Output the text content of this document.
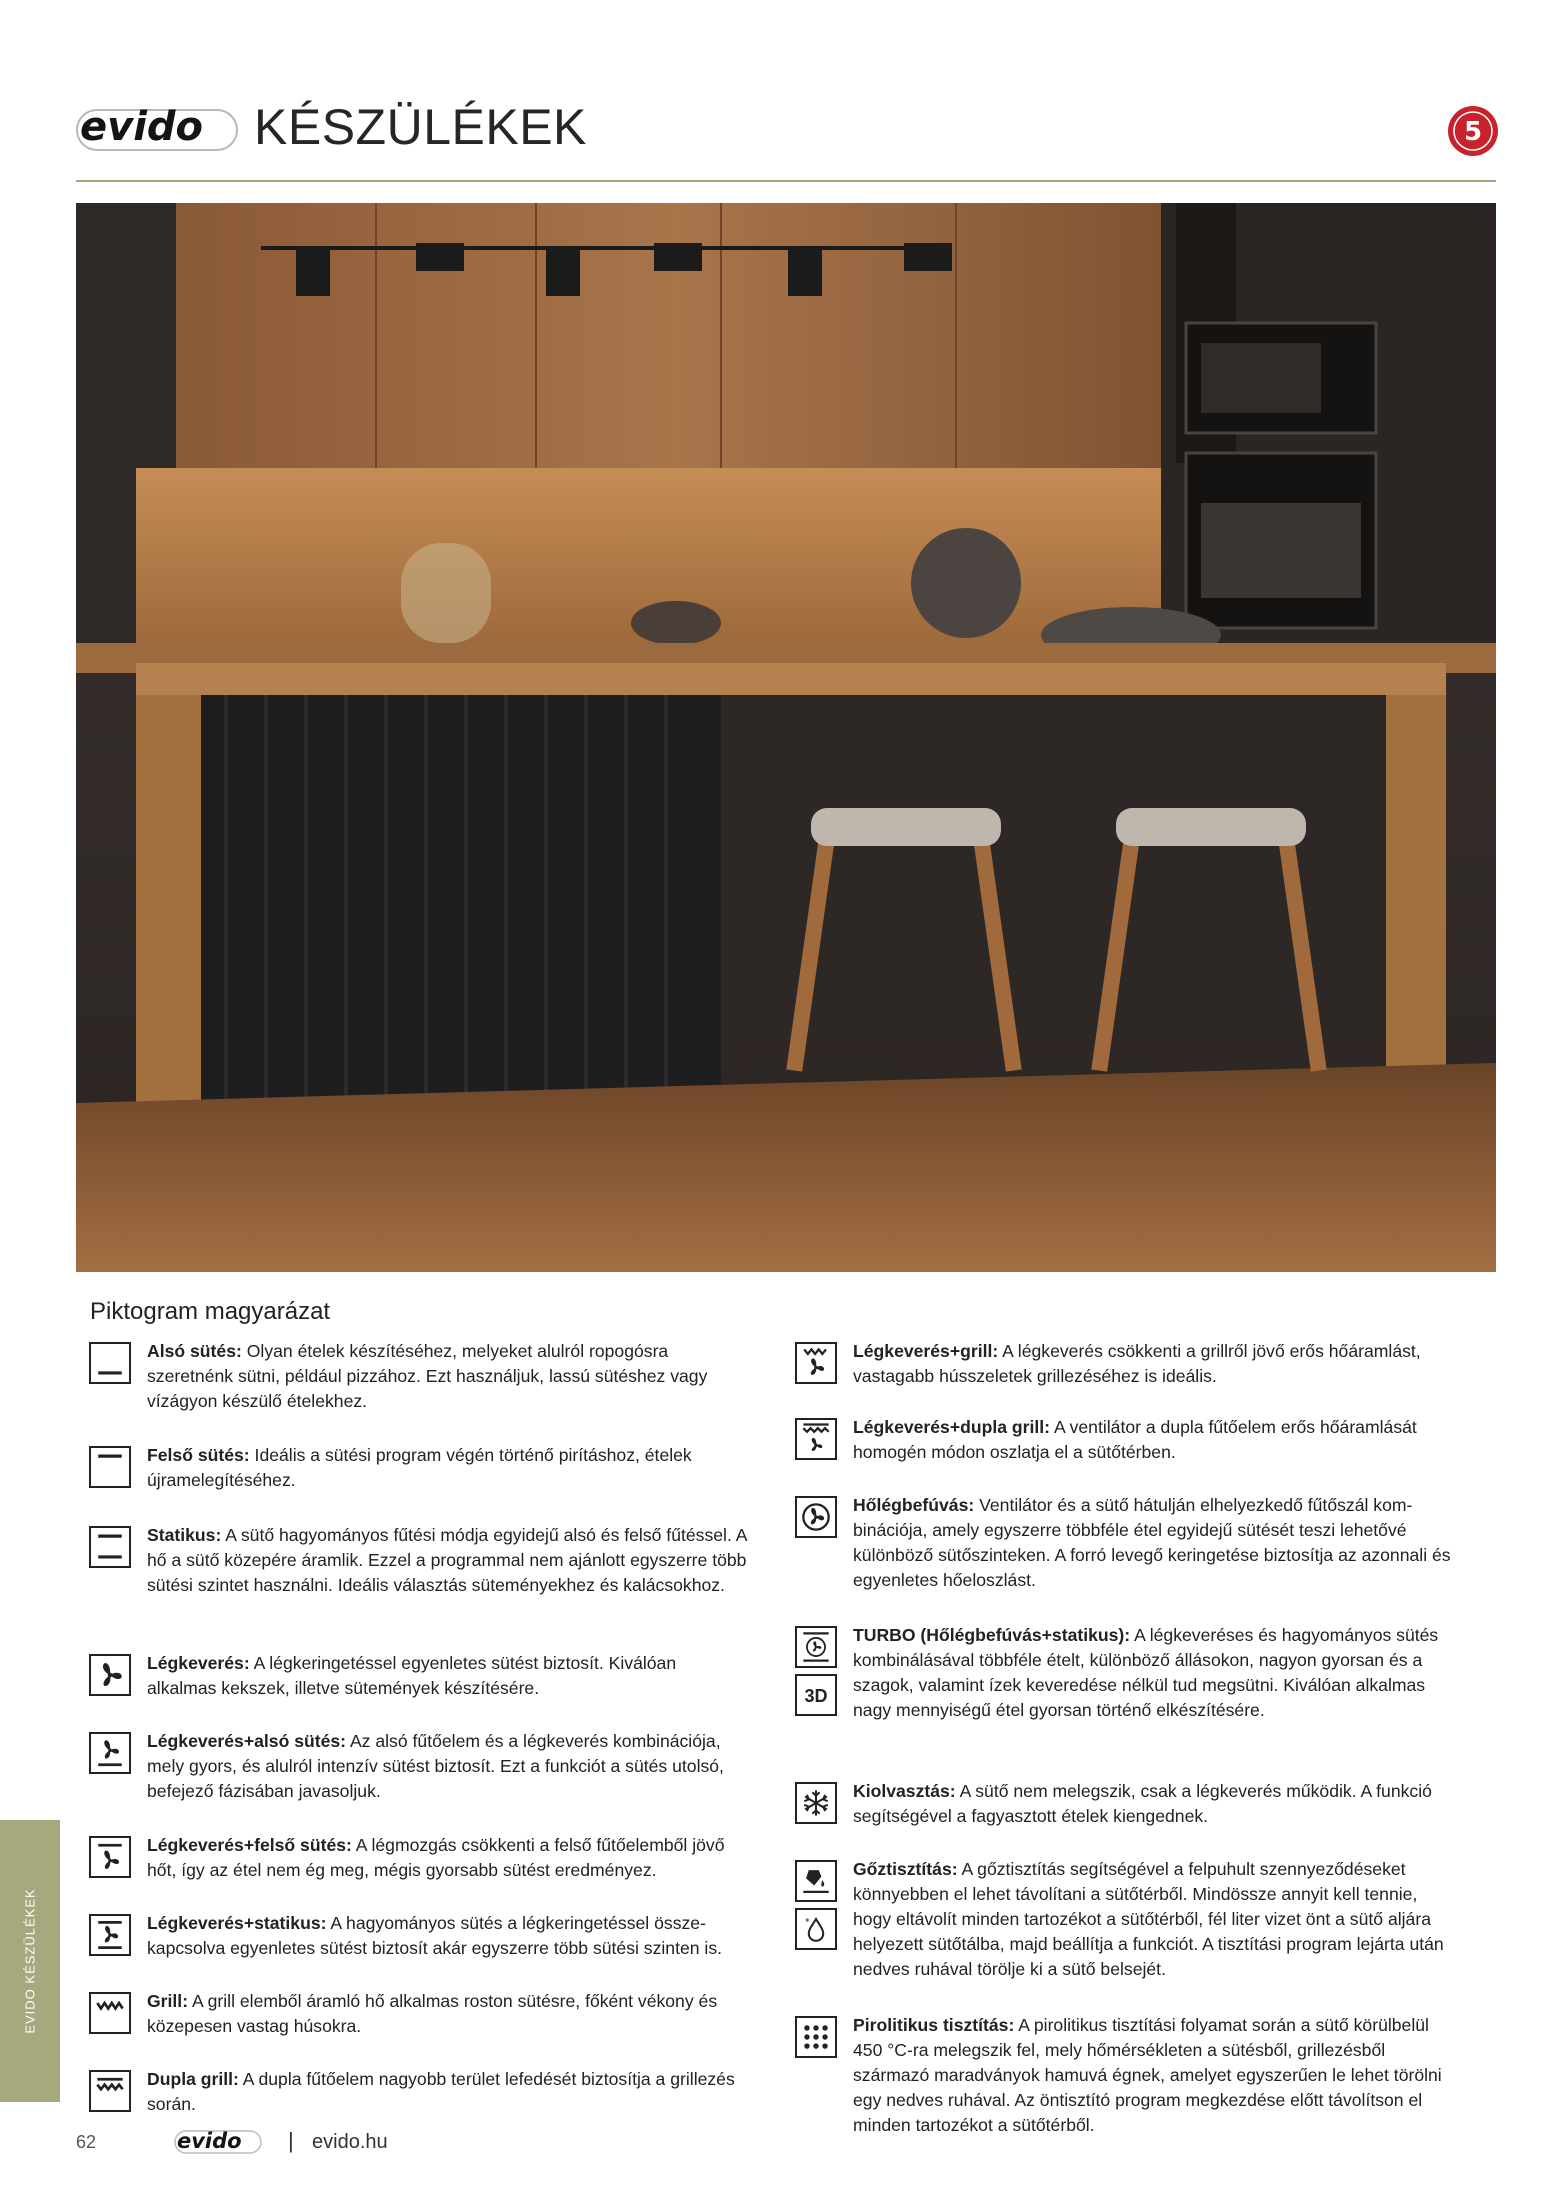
evido KÉSZÜLÉKEK	5
Piktogram magyarázat
Alsó sütés: Olyan ételek készítéséhez, melyeket alulról ropogósra szeretnénk sütni, például pizzához. Ezt használjuk, lassú sütéshez vagy vízágyon készülő ételekhez.
Felső sütés: Ideális a sütési program végén történő pirításhoz, ételek újramelegítéséhez.
Statikus: A sütő hagyományos fűtési módja egyidejű alsó és felső fűtéssel. A hő a sütő közepére áramlik. Ezzel a programmal nem ajánlott egyszerre több sütési szintet használni. Ideális választás süteményekhez és kalácsokhoz.
Légkeverés: A légkeringetéssel egyenletes sütést biztosít. Kiválóan alkalmas kekszek, illetve sütemények készítésére.
Légkeverés+alsó sütés: Az alsó fűtőelem és a légkeverés kombinációja, mely gyors, és alulról intenzív sütést biztosít. Ezt a funkciót a sütés utolsó, befejező fázisában javasoljuk.
Légkeverés+felső sütés: A légmozgás csökkenti a felső fűtőelemből jövő hőt, így az étel nem ég meg, mégis gyorsabb sütést eredményez.
Légkeverés+statikus: A hagyományos sütés a légkeringetéssel össze-kapcsolva egyenletes sütést biztosít akár egyszerre több sütési szinten is.
Grill: A grill elemből áramló hő alkalmas roston sütésre, főként vékony és közepesen vastag húsokra.
Dupla grill: A dupla fűtőelem nagyobb terület lefedését biztosítja a grillezés során.
Légkeverés+grill: A légkeverés csökkenti a grillről jövő erős hőáramlást, vastagabb hússzeletek grillezéséhez is ideális.
Légkeverés+dupla grill: A ventilátor a dupla fűtőelem erős hőáramlását homogén módon oszlatja el a sütőtérben.
Hőlégbefúvás: Ventilátor és a sütő hátulján elhelyezkedő fűtőszál kom-binációja, amely egyszerre többféle étel egyidejű sütését teszi lehetővé különböző sütőszinteken. A forró levegő keringetése biztosítja az azonnali és egyenletes hőeloszlást.
3D
TURBO (Hőlégbefúvás+statikus): A légkeveréses és hagyományos sütés kombinálásával többféle ételt, különböző állásokon, nagyon gyorsan és a szagok, valamint ízek keveredése nélkül tud megsütni. Kiválóan alkalmas nagy mennyiségű étel gyorsan történő elkészítésére.
Kiolvasztás: A sütő nem melegszik, csak a légkeverés működik. A funkció segítségével a fagyasztott ételek kiengednek.
*
Gőztisztítás: A gőztisztítás segítségével a felpuhult szennyeződéseket könnyebben el lehet távolítani a sütőtérből. Mindössze annyit kell tennie, hogy eltávolít minden tartozékot a sütőtérből, fél liter vizet önt a sütő aljára helyezett sütőtálba, majd beállítja a funkciót. A tisztítási program lejárta után nedves ruhával törölje ki a sütő belsejét.
Pirolitikus tisztítás: A pirolitikus tisztítási folyamat során a sütő körülbelül 450 °C-ra melegszik fel, mely hőmérsékleten a sütésből, grillezésből származó maradványok hamuvá égnek, amelyet egyszerűen le lehet törölni egy nedves ruhával. Az öntisztító program megkezdése előtt távolítson el minden tartozékot a sütőtérből.
EVIDO KÉSZÜLÉKEK
62	evido | evido.hu
